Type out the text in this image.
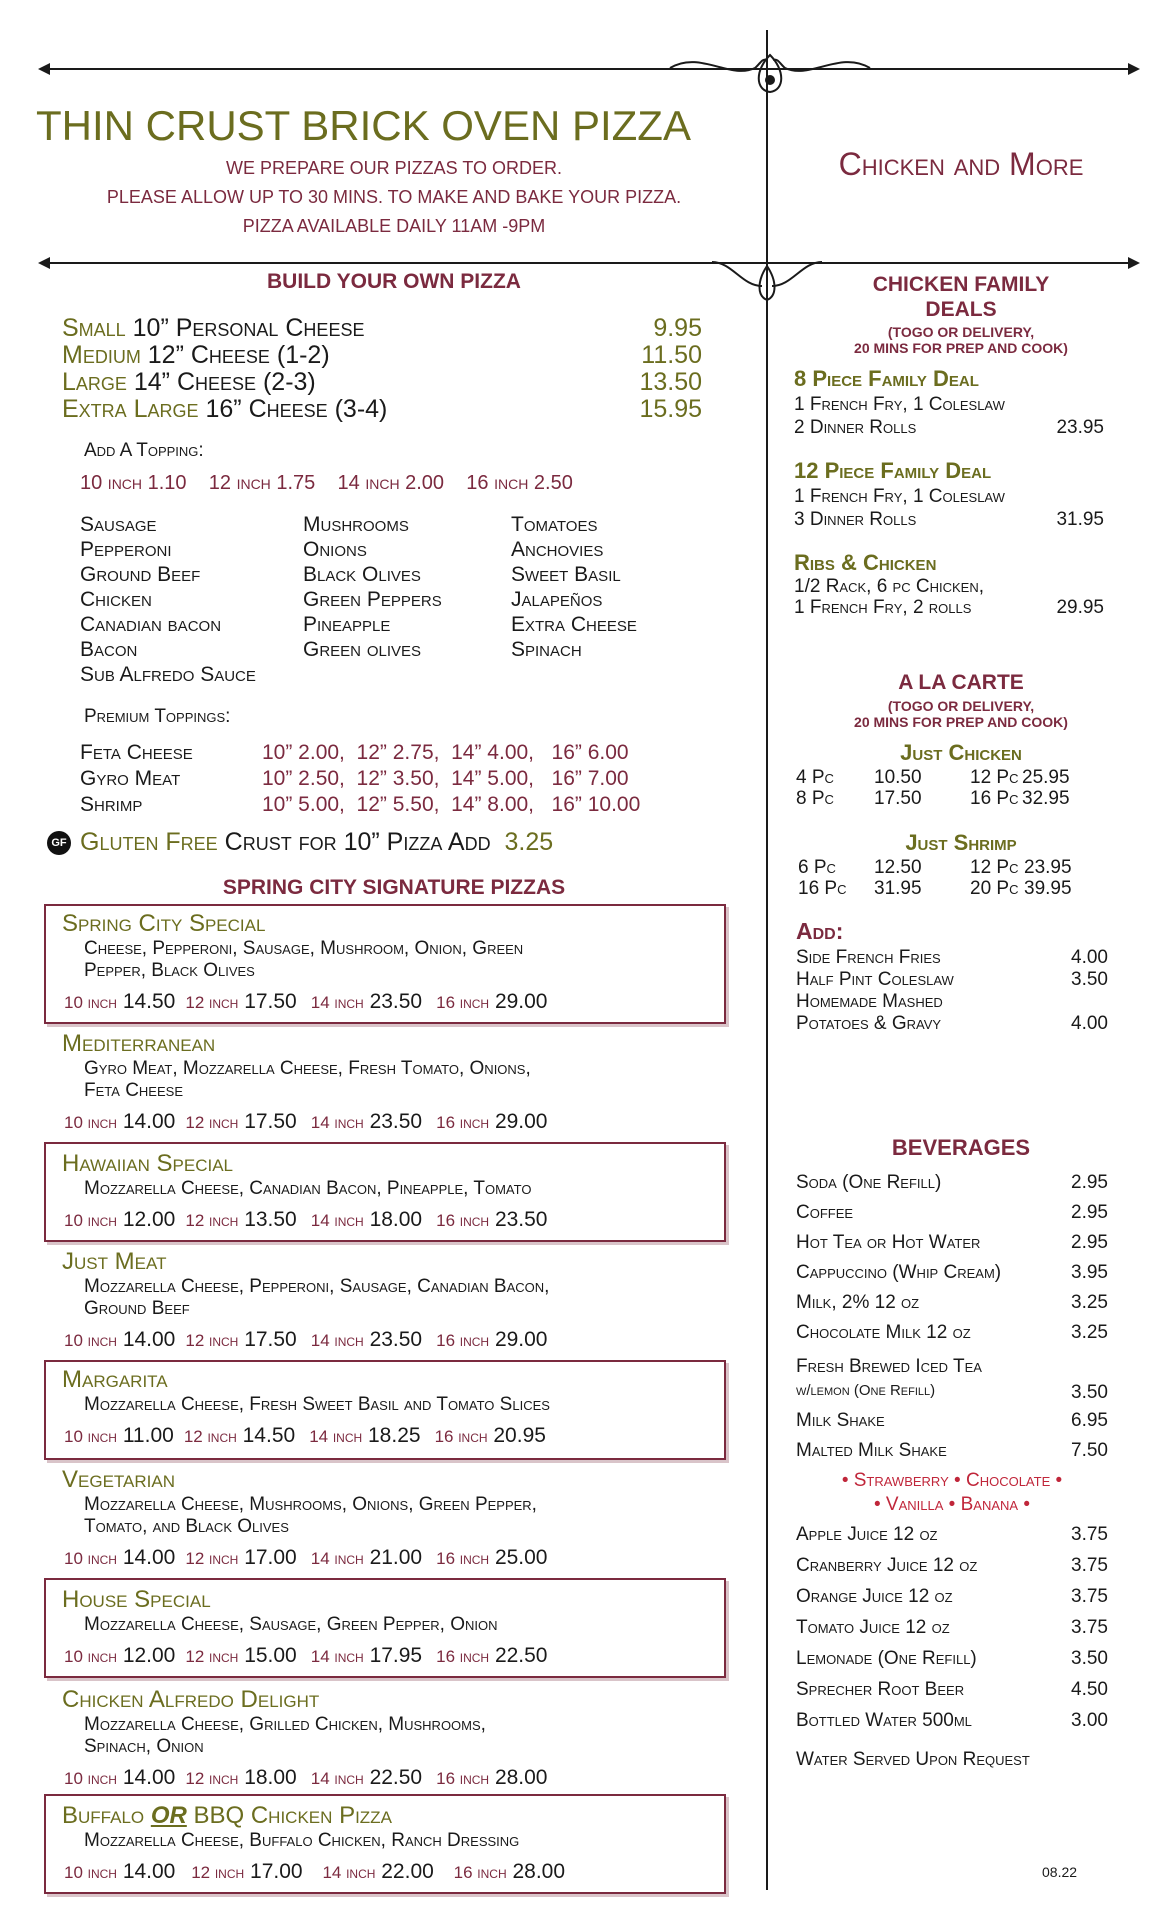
THIN CRUST BRICK OVEN PIZZA
WE PREPARE OUR PIZZAS TO ORDER.
PLEASE ALLOW UP TO 30 MINS. TO MAKE AND BAKE YOUR PIZZA.
PIZZA AVAILABLE DAILY 11AM -9PM
Chicken and More
BUILD YOUR OWN PIZZA
Small 10” Personal Cheese	9.95
Medium 12” Cheese (1-2)	11.50
Large 14” Cheese (2-3)	13.50
Extra Large 16” Cheese (3-4)	15.95
Add A Topping:
10 inch 1.10 12 inch 1.75 14 inch 2.00 16 inch 2.50
Sausage
Pepperoni
Ground Beef
Chicken
Canadian bacon
Bacon
Sub Alfredo Sauce
Mushrooms
Onions
Black Olives
Green Peppers
Pineapple
Green olives
Tomatoes
Anchovies
Sweet Basil
Jalapeños
Extra Cheese
Spinach
Premium Toppings:
Feta Cheese	10” 2.00,  12” 2.75,  14” 4.00,   16” 6.00
Gyro Meat	10” 2.50,  12” 3.50,  14” 5.00,   16” 7.00
Shrimp	10” 5.00,  12” 5.50,  14” 8.00,   16” 10.00
GF Gluten Free Crust for 10” Pizza Add 3.25
SPRING CITY SIGNATURE PIZZAS
Spring City Special
Cheese, Pepperoni, Sausage, Mushroom, Onion, Green
Pepper, Black Olives
10 inch 14.50 12 inch 17.50 14 inch 23.50 16 inch 29.00
Mediterranean
Gyro Meat, Mozzarella Cheese, Fresh Tomato, Onions,
Feta Cheese
10 inch 14.00 12 inch 17.50 14 inch 23.50 16 inch 29.00
Hawaiian Special
Mozzarella Cheese, Canadian Bacon, Pineapple, Tomato
10 inch 12.00 12 inch 13.50 14 inch 18.00 16 inch 23.50
Just Meat
Mozzarella Cheese, Pepperoni, Sausage, Canadian Bacon,
Ground Beef
10 inch 14.00 12 inch 17.50 14 inch 23.50 16 inch 29.00
Margarita
Mozzarella Cheese, Fresh Sweet Basil and Tomato Slices
10 inch 11.00 12 inch 14.50 14 inch 18.25 16 inch 20.95
Vegetarian
Mozzarella Cheese, Mushrooms, Onions, Green Pepper,
Tomato, and Black Olives
10 inch 14.00 12 inch 17.00 14 inch 21.00 16 inch 25.00
House Special
Mozzarella Cheese, Sausage, Green Pepper, Onion
10 inch 12.00 12 inch 15.00 14 inch 17.95 16 inch 22.50
Chicken Alfredo Delight
Mozzarella Cheese, Grilled Chicken, Mushrooms,
Spinach, Onion
10 inch 14.00 12 inch 18.00 14 inch 22.50 16 inch 28.00
Buffalo OR BBQ Chicken Pizza
Mozzarella Cheese, Buffalo Chicken, Ranch Dressing
10 inch 14.00 12 inch 17.00 14 inch 22.00 16 inch 28.00
CHICKEN FAMILY
DEALS
(TOGO OR DELIVERY,
20 MINS FOR PREP AND COOK)
8 Piece Family Deal
1 French Fry, 1 Coleslaw
2 Dinner Rolls	23.95
12 Piece Family Deal
1 French Fry, 1 Coleslaw
3 Dinner Rolls	31.95
Ribs & Chicken
1/2 Rack, 6 pc Chicken,
1 French Fry, 2 rolls	29.95
A LA CARTE
(TOGO OR DELIVERY,
20 MINS FOR PREP AND COOK)
Just Chicken
4 Pc	10.50	12 Pc 25.95
8 Pc	17.50	16 Pc 32.95
Just Shrimp
6 Pc	12.50	12 Pc 23.95
16 Pc	31.95	20 Pc 39.95
Add:
Side French Fries	4.00
Half Pint Coleslaw	3.50
Homemade Mashed
Potatoes & Gravy	4.00
BEVERAGES
Soda (One Refill)	2.95
Coffee	2.95
Hot Tea or Hot Water	2.95
Cappuccino (Whip Cream)	3.95
Milk, 2% 12 oz	3.25
Chocolate Milk 12 oz	3.25
Fresh Brewed Iced Tea
w/lemon (One Refill)	3.50
Milk Shake	6.95
Malted Milk Shake	7.50
• Strawberry • Chocolate •
• Vanilla • Banana •
Apple Juice 12 oz	3.75
Cranberry Juice 12 oz	3.75
Orange Juice 12 oz	3.75
Tomato Juice 12 oz	3.75
Lemonade (One Refill)	3.50
Sprecher Root Beer	4.50
Bottled Water 500ml	3.00
Water Served Upon Request
08.22
